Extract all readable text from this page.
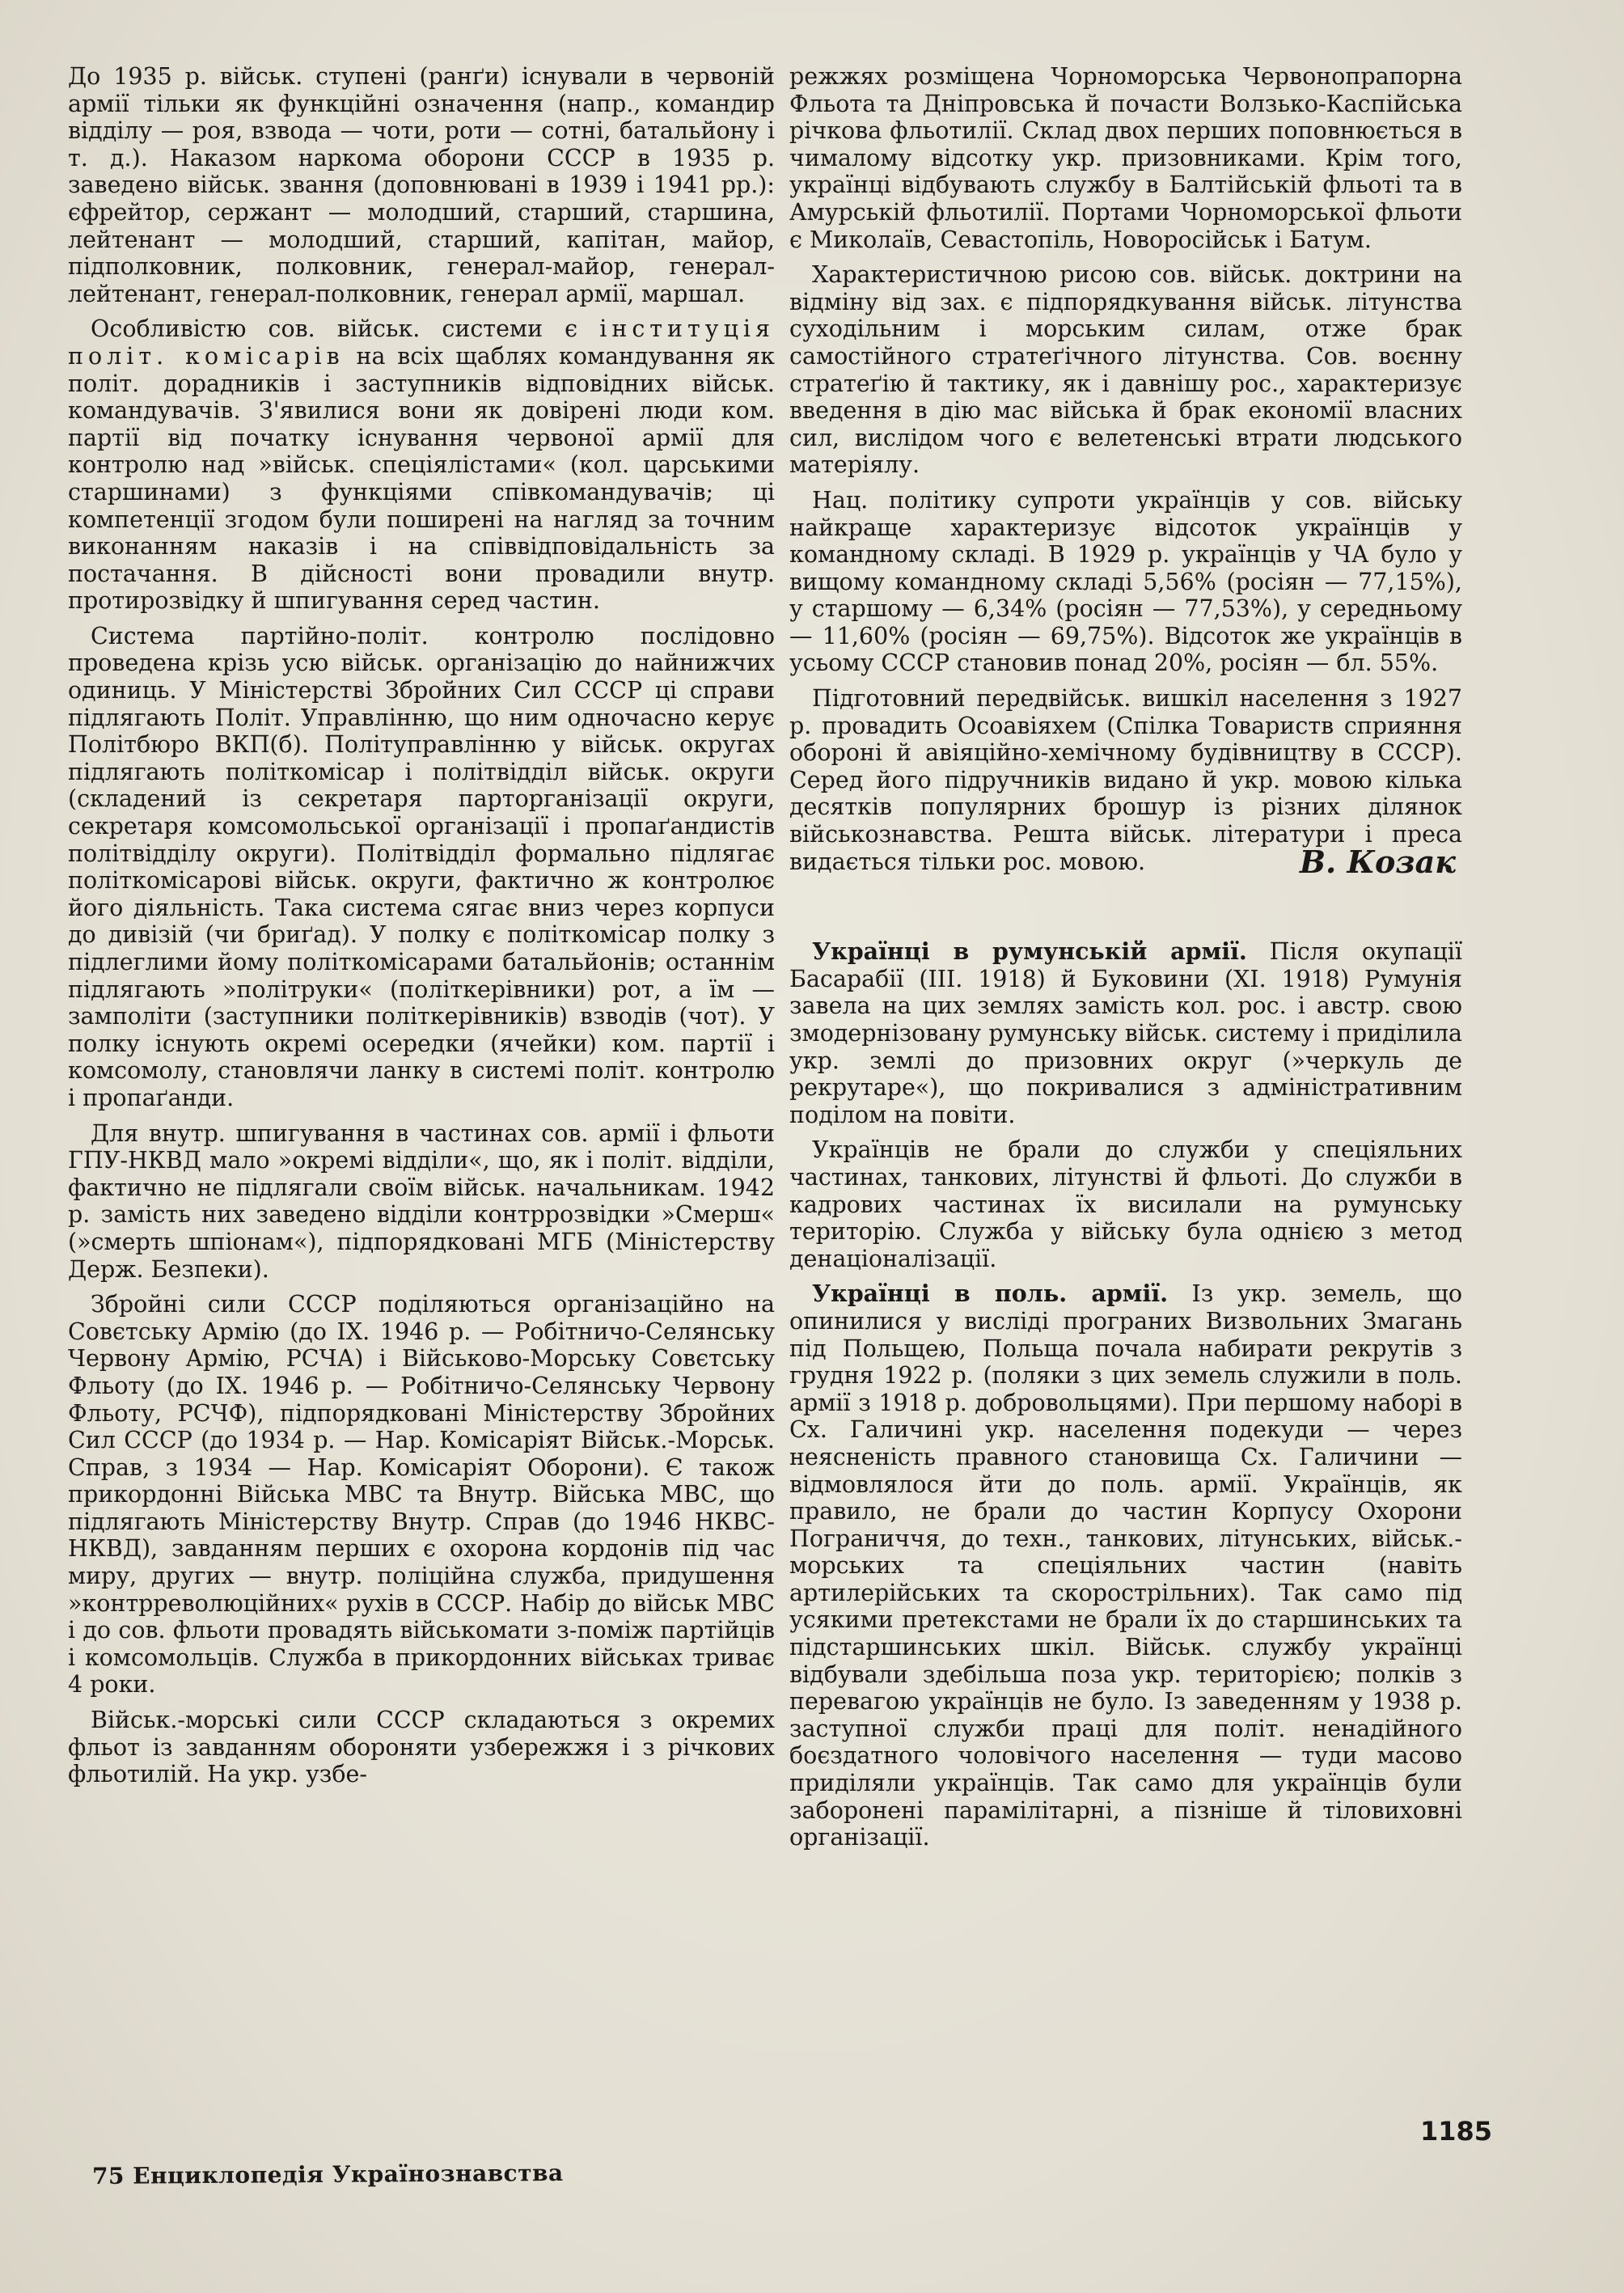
До 1935 р. військ. ступені (ранґи) існували в червоній армії тільки як функційні означення (напр., командир відділу — роя, взвода — чоти, роти — сотні, батальйону і т. д.). Наказом наркома оборони СССР в 1935 р. заведено військ. звання (доповнювані в 1939 і 1941 рр.): єфрейтор, сержант — молодший, старший, старшина, лейтенант — молодший, старший, капітан, майор, підполковник, полковник, генерал-майор, генерал-лейтенант, генерал-полковник, генерал армії, маршал.

Особливістю сов. військ. системи є інституція політ. комісарів на всіх щаблях командування як політ. дорадників і заступників відповідних військ. командувачів. З'явилися вони як довірені люди ком. партії від початку існування червоної армії для контролю над »військ. спеціялістами« (кол. царськими старшинами) з функціями співкомандувачів; ці компетенції згодом були поширені на нагляд за точним виконанням наказів і на співвідповідальність за постачання. В дійсності вони провадили внутр. протирозвідку й шпигування серед частин.

Система партійно-політ. контролю послідовно проведена крізь усю військ. організацію до найнижчих одиниць. У Міністерстві Збройних Сил СССР ці справи підлягають Політ. Управлінню, що ним одночасно керує Політбюро ВКП(б). Політуправлінню у військ. округах підлягають політкомісар і політвідділ військ. округи (складений із секретаря парторганізації округи, секретаря комсомольської організації і пропаґандистів політвідділу округи). Політвідділ формально підлягає політкомісарові військ. округи, фактично ж контролює його діяльність. Така система сягає вниз через корпуси до дивізій (чи бриґад). У полку є політкомісар полку з підлеглими йому політкомісарами батальйонів; останнім підлягають »політруки« (політкерівники) рот, а їм — замполіти (заступники політкерівників) взводів (чот). У полку існують окремі осередки (ячейки) ком. партії і комсомолу, становлячи ланку в системі політ. контролю і пропаґанди.

Для внутр. шпигування в частинах сов. армії і фльоти ГПУ-НКВД мало »окремі відділи«, що, як і політ. відділи, фактично не підлягали своїм військ. начальникам. 1942 р. замість них заведено відділи контррозвідки »Смерш« (»смерть шпіонам«), підпорядковані МГБ (Міністерству Держ. Безпеки).

Збройні сили СССР поділяються організаційно на Совєтську Армію (до IX. 1946 р. — Робітничо-Селянську Червону Армію, РСЧА) і Військово-Морську Совєтську Фльоту (до IX. 1946 р. — Робітничо-Селянську Червону Фльоту, РСЧФ), підпорядковані Міністерству Збройних Сил СССР (до 1934 р. — Нар. Комісаріят Військ.-Морськ. Справ, з 1934 — Нар. Комісаріят Оборони). Є також прикордонні Війська МВС та Внутр. Війська МВС, що підлягають Міністерству Внутр. Справ (до 1946 НКВС-НКВД), завданням перших є охорона кордонів під час миру, других — внутр. поліційна служба, придушення »контрреволюційних« рухів в СССР. Набір до військ МВС і до сов. фльоти провадять військомати з-поміж партійців і комсомольців. Служба в прикордонних військах триває 4 роки.

Військ.-морські сили СССР складаються з окремих фльот із завданням обороняти узбережжя і з річкових фльотилій. На укр. узбе-

режжях розміщена Чорноморська Червонопрапорна Фльота та Дніпровська й почасти Волзько-Каспійська річкова фльотилії. Склад двох перших поповнюється в чималому відсотку укр. призовниками. Крім того, українці відбувають службу в Балтійській фльоті та в Амурській фльотилії. Портами Чорноморської фльоти є Миколаїв, Севастопіль, Новоросійськ і Батум.

Характеристичною рисою сов. військ. доктрини на відміну від зах. є підпорядкування військ. літунства суходільним і морським силам, отже брак самостійного стратеґічного літунства. Сов. воєнну стратеґію й тактику, як і давнішу рос., характеризує введення в дію мас війська й брак економії власних сил, вислідом чого є велетенські втрати людського матеріялу.

Нац. політику супроти українців у сов. війську найкраще характеризує відсоток українців у командному складі. В 1929 р. українців у ЧА було у вищому командному складі 5,56% (росіян — 77,15%), у старшому — 6,34% (росіян — 77,53%), у середньому — 11,60% (росіян — 69,75%). Відсоток же українців в усьому СССР становив понад 20%, росіян — бл. 55%.

Підготовний передвійськ. вишкіл населення з 1927 р. провадить Осоавіяхем (Спілка Товариств сприяння обороні й авіяційно-хемічному будівництву в СССР). Серед його підручників видано й укр. мовою кілька десятків популярних брошур із різних ділянок військознавства. Решта військ. літератури і преса видається тільки рос. мовою.	В. Козак

Українці в румунській армії. Після окупації Басарабії (III. 1918) й Буковини (XI. 1918) Румунія завела на цих землях замість кол. рос. і австр. свою змодернізовану румунську військ. систему і приділила укр. землі до призовних округ (»черкуль де рекрутаре«), що покривалися з адміністративним поділом на повіти.

Українців не брали до служби у спеціяльних частинах, танкових, літунстві й фльоті. До служби в кадрових частинах їх висилали на румунську територію. Служба у війську була однією з метод денаціоналізації.

Українці в поль. армії. Із укр. земель, що опинилися у висліді програних Визвольних Змагань під Польщею, Польща почала набирати рекрутів з грудня 1922 р. (поляки з цих земель служили в поль. армії з 1918 р. добровольцями). При першому наборі в Сх. Галичині укр. населення подекуди — через неясненість правного становища Сх. Галичини — відмовлялося йти до поль. армії. Українців, як правило, не брали до частин Корпусу Охорони Пограниччя, до техн., танкових, літунських, військ.-морських та спеціяльних частин (навіть артилерійських та скорострільних). Так само під усякими претекстами не брали їх до старшинських та підстаршинських шкіл. Військ. службу українці відбували здебільша поза укр. територією; полків з перевагою українців не було. Із заведенням у 1938 р. заступної служби праці для політ. ненадійного боєздатного чоловічого населення — туди масово приділяли українців. Так само для українців були заборонені парамілітарні, а пізніше й тіловиховні організації.

1185
75 Енциклопедія Українознавства
